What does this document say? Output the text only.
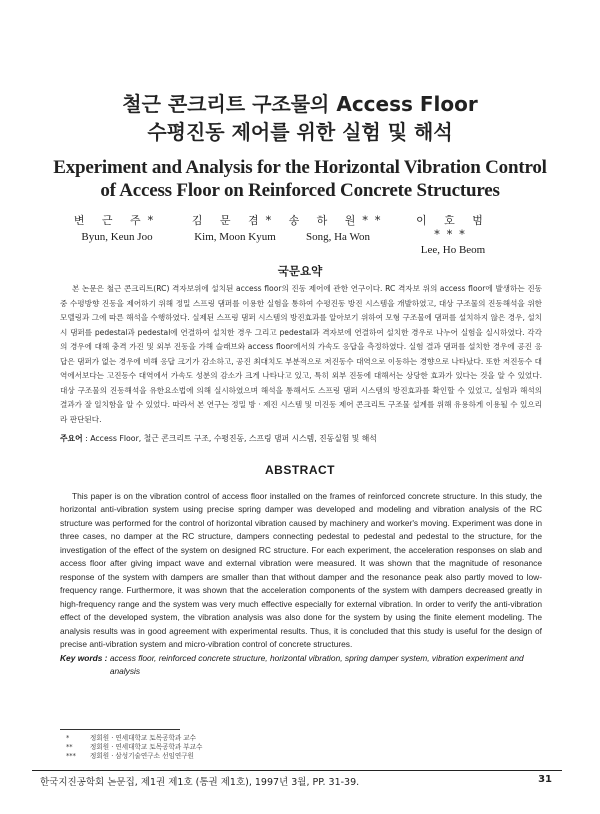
철근 콘크리트 구조물의 Access Floor
수평진동 제어를 위한 실험 및 해석
Experiment and Analysis for the Horizontal Vibration Control
of Access Floor on Reinforced Concrete Structures
변 근 주*
Byun, Keun Joo
김 문 겸*
Kim, Moon Kyum
송 하 원**
Song, Ha Won
이 호 범***
Lee, Ho Beom
국문요약
본 논문은 철근 콘크리트(RC) 격자보위에 설치된 access floor의 진동 제어에 관한 연구이다. RC 격자보 위의 access floor에 발생하는 진동 중 수평방향 진동을 제어하기 위해 정밀 스프링 댐퍼를 이용한 실험을 통하여 수평진동 방진 시스템을 개발하였고, 대상 구조물의 진동해석을 위한 모델링과 그에 따른 해석을 수행하였다. 실제된 스프링 댐퍼 시스템의 방진효과를 알아보기 위하여 모형 구조물에 댐퍼를 설치하지 않은 경우, 설치시 댐퍼를 pedestal과 pedestal에 연결하여 설치한 경우 그리고 pedestal과 격자보에 연결하여 설치한 경우로 나누어 실험을 실시하였다. 각각의 경우에 대해 충격 가진 및 외부 진동을 가해 슬래브와 access floor에서의 가속도 응답을 측정하였다. 실험 결과 댐퍼를 설치한 경우에 공진 응답은 댐퍼가 없는 경우에 비해 응답 크기가 감소하고, 공진 최대치도 부분적으로 저진동수 대역으로 이동하는 경향으로 나타났다. 또한 저진동수 대역에서보다는 고진동수 대역에서 가속도 성분의 감소가 크게 나타나고 있고, 특히 외부 진동에 대해서는 상당한 효과가 있다는 것을 알 수 있었다. 대상 구조물의 진동해석을 유한요소법에 의해 실시하였으며 해석을 통해서도 스프링 댐퍼 시스템의 방진효과를 확인할 수 있었고, 실험과 해석의 결과가 잘 일치함을 알 수 있었다. 따라서 본 연구는 정밀 방 · 제진 시스템 및 미진동 제어 콘크리트 구조물 설계를 위해 유용하게 이용될 수 있으리라 판단된다.
주요어 : Access Floor, 철근 콘크리트 구조, 수평진동, 스프링 댐퍼 시스템, 진동실험 및 해석
ABSTRACT
This paper is on the vibration control of access floor installed on the frames of reinforced concrete structure. In this study, the horizontal anti-vibration system using precise spring damper was developed and modeling and vibration analysis of the RC structure was performed for the control of horizontal vibration caused by machinery and worker's moving. Experiment was done in three cases, no damper at the RC structure, dampers connecting pedestal to pedestal and pedestal to the structure, for the investigation of the effect of the system on designed RC structure. For each experiment, the acceleration responses on slab and access floor after giving impact wave and external vibration were measured. It was shown that the magnitude of resonance response of the system with dampers are smaller than that without damper and the resonance peak also partly moved to low-frequency range. Furthermore, it was shown that the acceleration components of the system with dampers decreased greatly in high-frequency range and the system was very much effective especially for external vibration. In order to verify the anti-vibration effect of the developed system, the vibration analysis was also done for the system by using the finite element modeling. The analysis results was in good agreement with experimental results. Thus, it is concluded that this study is useful for the design of precise anti-vibration system and micro-vibration control of concrete structures.
Key words : access floor, reinforced concrete structure, horizontal vibration, spring damper system, vibration experiment and analysis
*	정회원 · 연세대학교 토목공학과 교수
**	정회원 · 연세대학교 토목공학과 부교수
*** 정회원 · 삼성기술연구소 선임연구원
한국지진공학회 논문집, 제1권 제1호 (통권 제1호), 1997년 3월, PP. 31-39.	31
